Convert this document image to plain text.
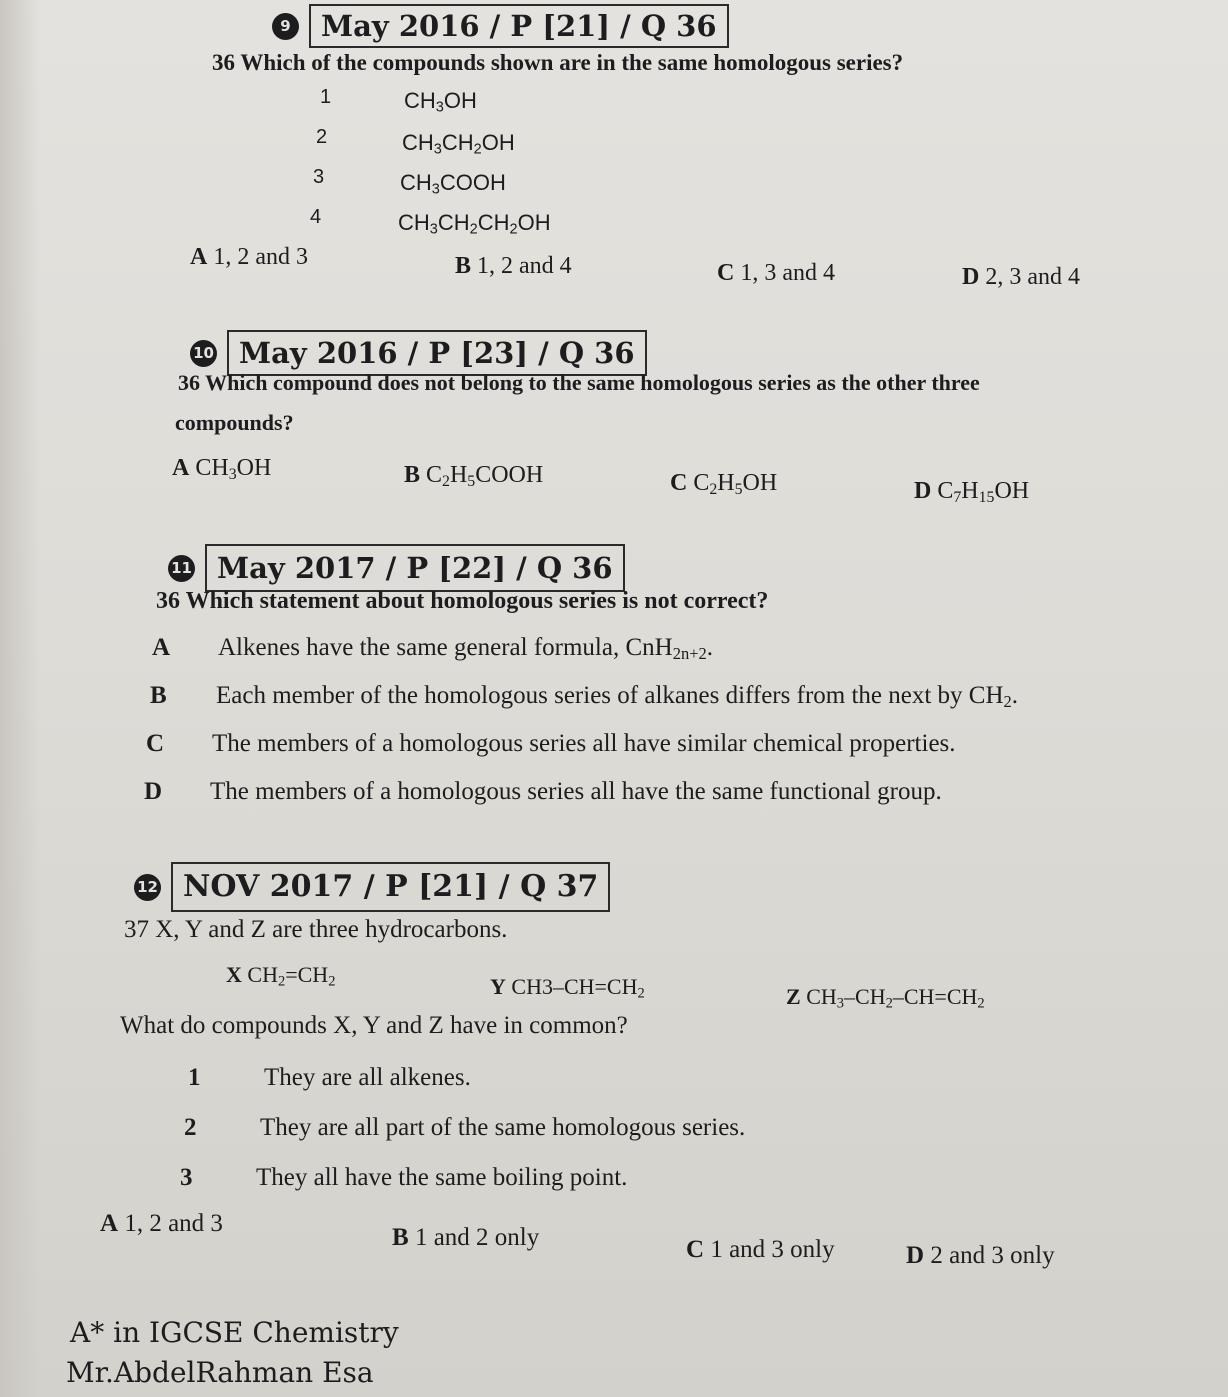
9	May 2016 / P [21] / Q 36
36 Which of the compounds shown are in the same homologous series?
1	$CH_3OH$
2	$CH_3CH_2OH$
3	$CH_3COOH$
4	$CH_3CH_2CH_2OH$
A 1, 2 and 3	B 1, 2 and 4	C 1, 3 and 4	D 2, 3 and 4
10 May 2016 / P [23] / Q 36
36 Which compound does not belong to the same homologous series as the other three
compounds?
A $CH_3OH$	B $C_2H_5COOH$	C $C_2H_5OH$	D $C_7H_{15}OH$
11 May 2017 / P [22] / Q 36
36 Which statement about homologous series is not correct?
A Alkenes have the same general formula, CnH$_{2n+2}$.
B Each member of the homologous series of alkanes differs from the next by $CH_2$.
C The members of a homologous series all have similar chemical properties.
D The members of a homologous series all have the same functional group.
12 NOV 2017 / P [21] / Q 37
37 X, Y and Z are three hydrocarbons.
X $CH_2=CH_2$	Y $CH3-CH=CH_2$	Z $CH_3-CH_2-CH=CH_2$
What do compounds X, Y and Z have in common?
1	They are all alkenes.
2	They are all part of the same homologous series.
3	They all have the same boiling point.
A 1, 2 and 3
B 1 and 2 only	C 1 and 3 only	D 2 and 3 only
A* in IGCSE Chemistry
Mr.AbdelRahman Esa
